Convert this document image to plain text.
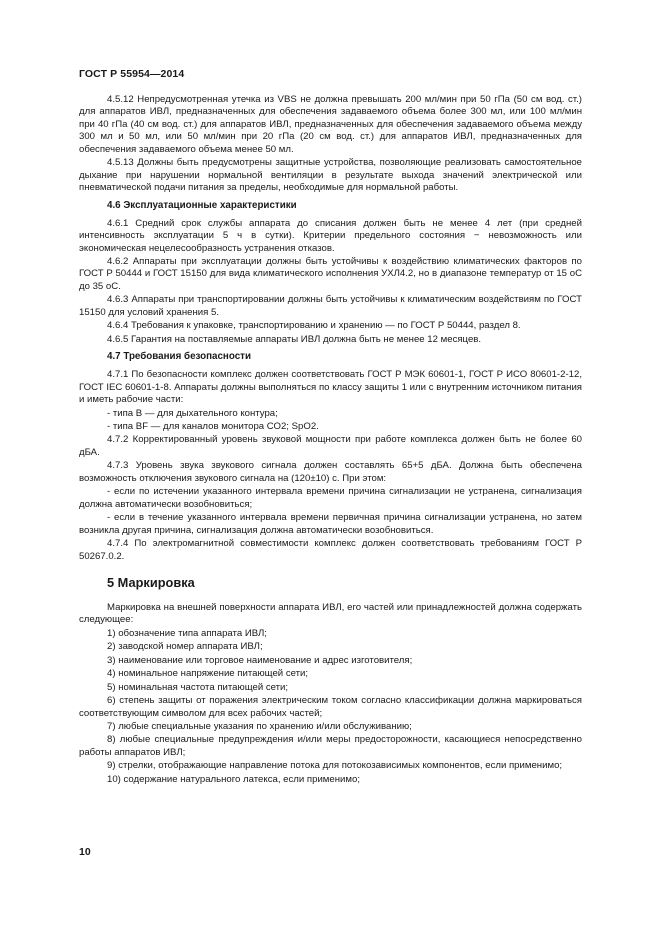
ГОСТ Р 55954—2014

4.5.12 Непредусмотренная утечка из VBS не должна превышать 200 мл/мин при 50 гПа (50 см вод. ст.) для аппаратов ИВЛ, предназначенных для обеспечения задаваемого объема более 300 мл, или 100 мл/мин при 40 гПа (40 см вод. ст.) для аппаратов ИВЛ, предназначенных для обеспечения задаваемого объема между 300 мл и 50 мл, или 50 мл/мин при 20 гПа (20 см вод. ст.) для аппаратов ИВЛ, предназначенных для обеспечения задаваемого объема менее 50 мл.

4.5.13 Должны быть предусмотрены защитные устройства, позволяющие реализовать самостоятельное дыхание при нарушении нормальной вентиляции в результате выхода значений электрической или пневматической подачи питания за пределы, необходимые для нормальной работы.

4.6 Эксплуатационные характеристики

4.6.1 Средний срок службы аппарата до списания должен быть не менее 4 лет (при средней интенсивность эксплуатации 5 ч в сутки). Критерии предельного состояния − невозможность или экономическая нецелесообразность устранения отказов.

4.6.2 Аппараты при эксплуатации должны быть устойчивы к воздействию климатических факторов по ГОСТ Р 50444 и ГОСТ 15150 для вида климатического исполнения УХЛ4.2, но в диапазоне температур от 15 оС до 35 оС.

4.6.3 Аппараты при транспортировании должны быть устойчивы к климатическим воздействиям по ГОСТ 15150 для условий хранения 5.

4.6.4 Требования к упаковке, транспортированию и хранению — по ГОСТ Р 50444, раздел 8.

4.6.5 Гарантия на поставляемые аппараты ИВЛ должна быть не менее 12 месяцев.

4.7 Требования безопасности

4.7.1 По безопасности комплекс должен соответствовать ГОСТ Р МЭК 60601-1, ГОСТ Р ИСО 80601-2-12, ГОСТ IEC 60601-1-8. Аппараты должны выполняться по классу защиты 1 или с внутренним источником питания и иметь рабочие части:

- типа B — для дыхательного контура;

- типа BF — для каналов монитора СО2; SpO2.

4.7.2 Корректированный уровень звуковой мощности при работе комплекса должен быть не более 60 дБА.

4.7.3 Уровень звука звукового сигнала должен составлять 65+5 дБА. Должна быть обеспечена возможность отключения звукового сигнала на (120±10) с. При этом:

- если по истечении указанного интервала времени причина сигнализации не устранена, сигнализация должна автоматически возобновиться;

- если в течение указанного интервала времени первичная причина сигнализации устранена, но затем возникла другая причина, сигнализация должна автоматически возобновиться.

4.7.4 По электромагнитной совместимости комплекс должен соответствовать требованиям ГОСТ Р 50267.0.2.

5 Маркировка

Маркировка на внешней поверхности аппарата ИВЛ, его частей или принадлежностей должна содержать следующее:

1) обозначение типа аппарата ИВЛ;

2) заводской номер аппарата ИВЛ;

3) наименование или торговое наименование и адрес изготовителя;

4) номинальное напряжение питающей сети;

5) номинальная частота питающей сети;

6) степень защиты от поражения электрическим током согласно классификации должна маркироваться соответствующим символом для всех рабочих частей;

7) любые специальные указания по хранению и/или обслуживанию;

8) любые специальные предупреждения и/или меры предосторожности, касающиеся непосредственно работы аппаратов ИВЛ;

9) стрелки, отображающие направление потока для потокозависимых компонентов, если применимо;

10) содержание натурального латекса, если применимо;

10
